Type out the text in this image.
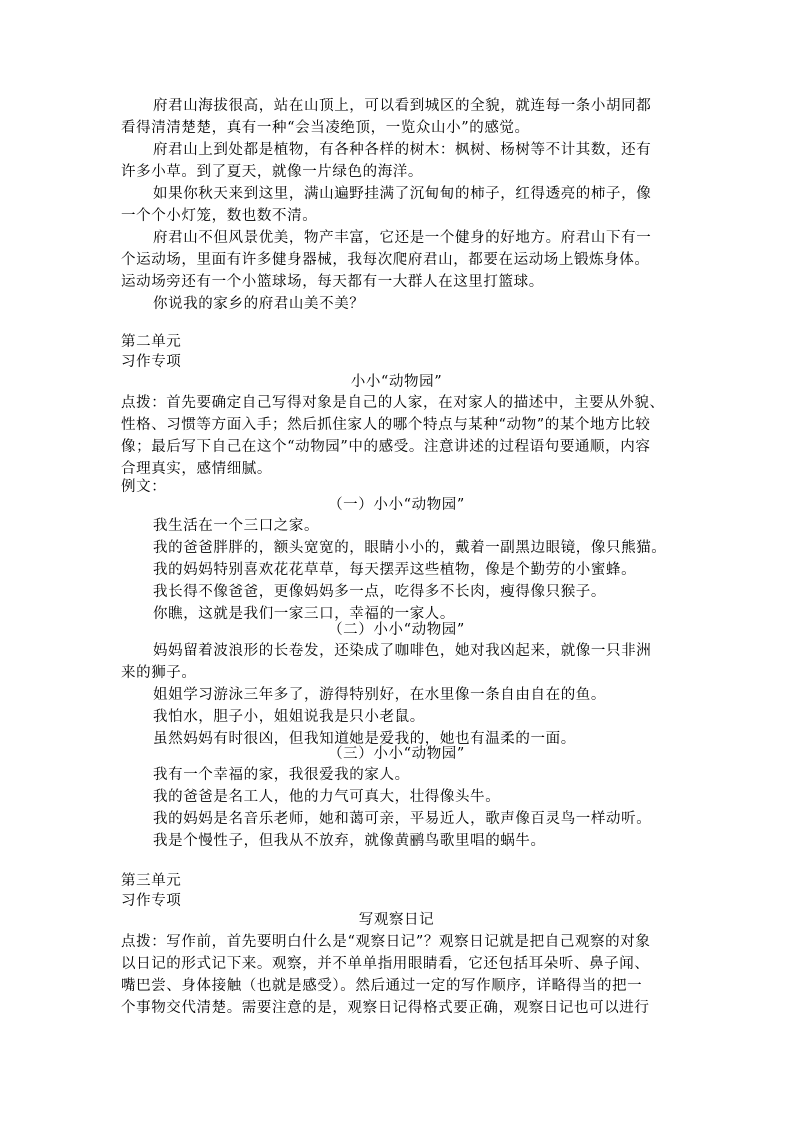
府君山海拔很高，站在山顶上，可以看到城区的全貌，就连每一条小胡同都
看得清清楚楚，真有一种“会当凌绝顶，一览众山小”的感觉。
府君山上到处都是植物，有各种各样的树木：枫树、杨树等不计其数，还有
许多小草。到了夏天，就像一片绿色的海洋。
如果你秋天来到这里，满山遍野挂满了沉甸甸的柿子，红得透亮的柿子，像
一个个小灯笼，数也数不清。
府君山不但风景优美，物产丰富，它还是一个健身的好地方。府君山下有一
个运动场，里面有许多健身器械，我每次爬府君山，都要在运动场上锻炼身体。
运动场旁还有一个小篮球场，每天都有一大群人在这里打篮球。
你说我的家乡的府君山美不美？
第二单元
习作专项
小小“动物园”
点拨：首先要确定自己写得对象是自己的人家，在对家人的描述中，主要从外貌、
性格、习惯等方面入手；然后抓住家人的哪个特点与某种“动物”的某个地方比较
像；最后写下自己在这个“动物园”中的感受。注意讲述的过程语句要通顺，内容
合理真实，感情细腻。
例文：
（一）小小“动物园”
我生活在一个三口之家。
我的爸爸胖胖的，额头宽宽的，眼睛小小的，戴着一副黑边眼镜，像只熊猫。
我的妈妈特别喜欢花花草草，每天摆弄这些植物，像是个勤劳的小蜜蜂。
我长得不像爸爸，更像妈妈多一点，吃得多不长肉，瘦得像只猴子。
你瞧，这就是我们一家三口，幸福的一家人。
（二）小小“动物园”
妈妈留着波浪形的长卷发，还染成了咖啡色，她对我凶起来，就像一只非洲
来的狮子。
姐姐学习游泳三年多了，游得特别好，在水里像一条自由自在的鱼。
我怕水，胆子小，姐姐说我是只小老鼠。
虽然妈妈有时很凶，但我知道她是爱我的，她也有温柔的一面。
（三）小小“动物园”
我有一个幸福的家，我很爱我的家人。
我的爸爸是名工人，他的力气可真大，壮得像头牛。
我的妈妈是名音乐老师，她和蔼可亲，平易近人，歌声像百灵鸟一样动听。
我是个慢性子，但我从不放弃，就像黄鹂鸟歌里唱的蜗牛。
第三单元
习作专项
写观察日记
点拨：写作前，首先要明白什么是“观察日记”？观察日记就是把自己观察的对象
以日记的形式记下来。观察，并不单单指用眼睛看，它还包括耳朵听、鼻子闻、
嘴巴尝、身体接触（也就是感受）。然后通过一定的写作顺序，详略得当的把一
个事物交代清楚。需要注意的是，观察日记得格式要正确，观察日记也可以进行
